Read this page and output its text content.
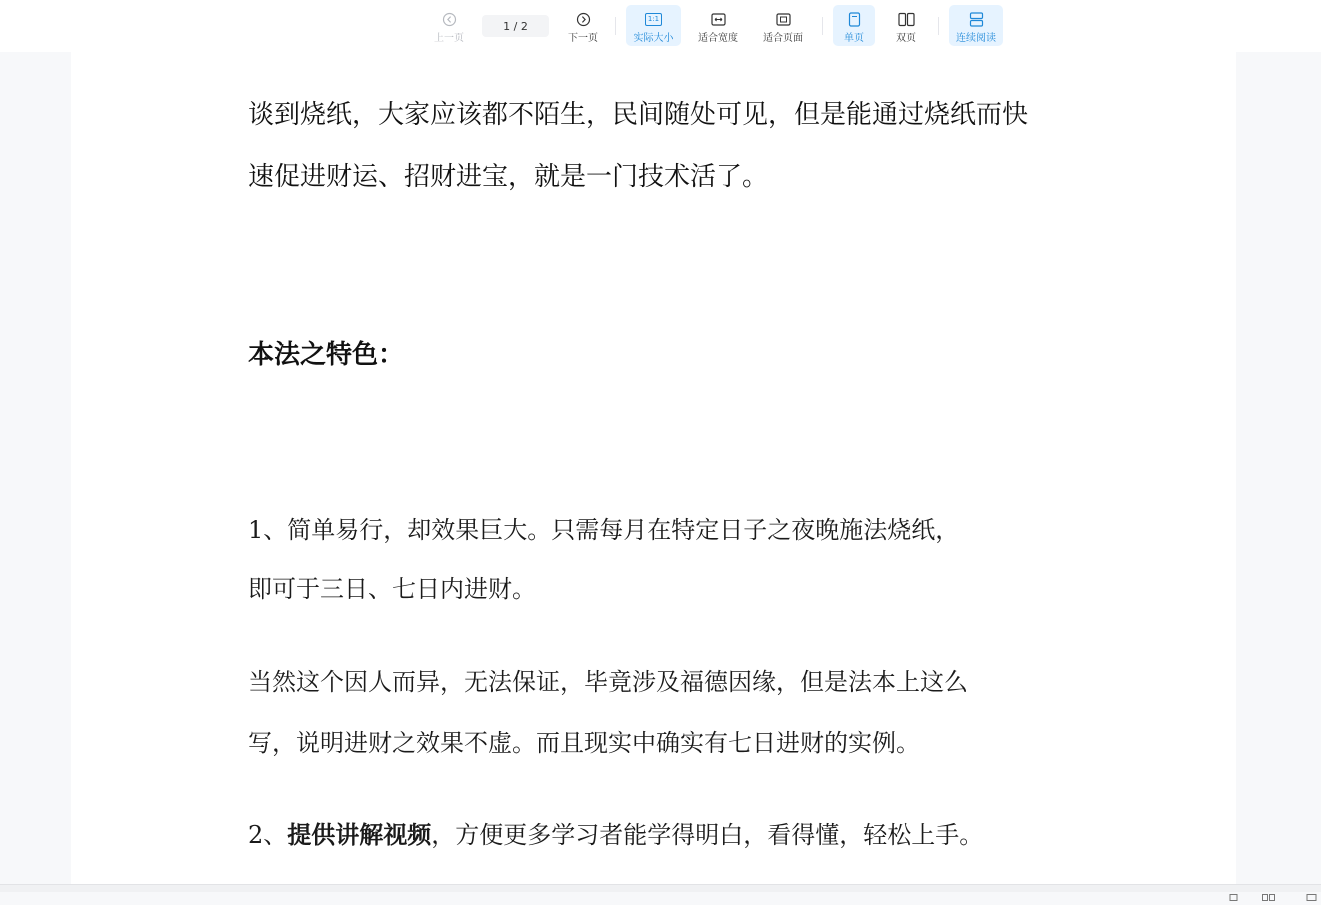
上一页
1 / 2
下一页
1:1
实际大小 适合宽度	适合页面	单页	双页	连续阅读
谈到烧纸，大家应该都不陌生，民间随处可见，但是能通过烧纸而快
速促进财运、招财进宝，就是一门技术活了。
本法之特色：
1、简单易行，却效果巨大。只需每月在特定日子之夜晚施法烧纸，
即可于三日、七日内进财。
当然这个因人而异，无法保证，毕竟涉及福德因缘，但是法本上这么
写，说明进财之效果不虚。而且现实中确实有七日进财的实例。
2、提供讲解视频，方便更多学习者能学得明白，看得懂，轻松上手。
